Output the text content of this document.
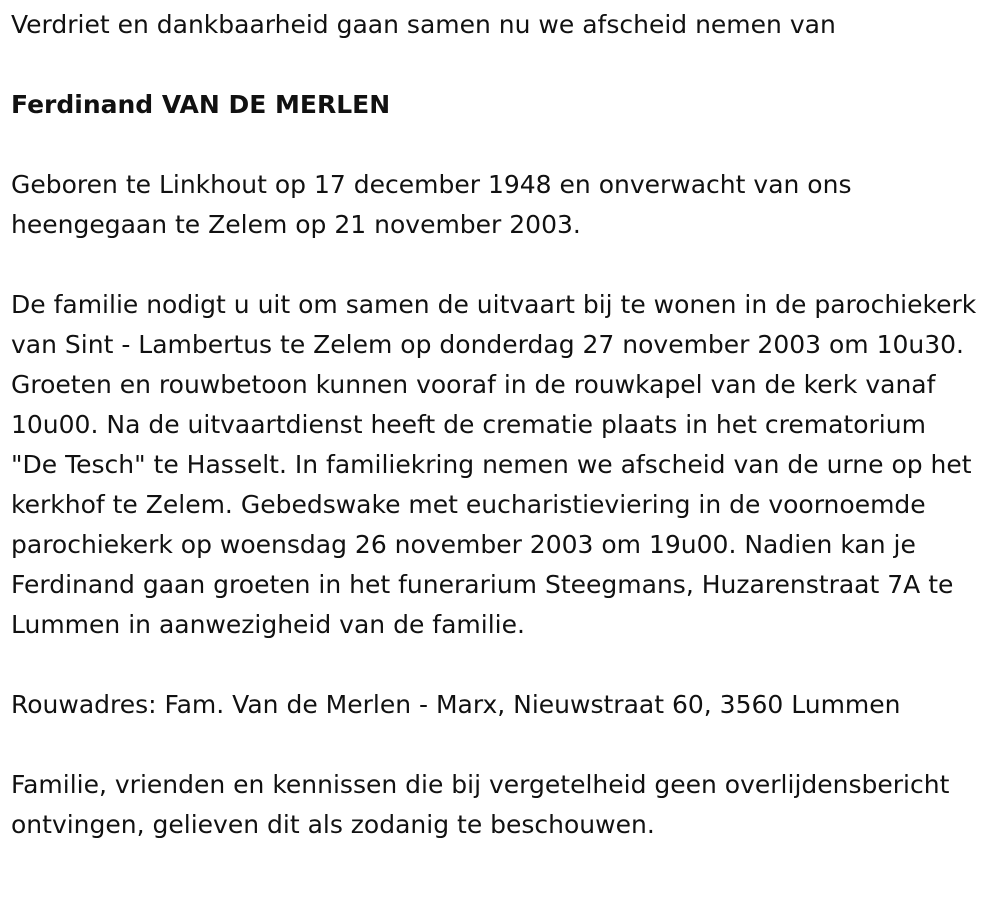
Verdriet en dankbaarheid gaan samen nu we afscheid nemen van

Ferdinand VAN DE MERLEN

Geboren te Linkhout op 17 december 1948 en onverwacht van ons heengegaan te Zelem op 21 november 2003.

De familie nodigt u uit om samen de uitvaart bij te wonen in de parochiekerk van Sint - Lambertus te Zelem op donderdag 27 november 2003 om 10u30. Groeten en rouwbetoon kunnen vooraf in de rouwkapel van de kerk vanaf 10u00. Na de uitvaartdienst heeft de crematie plaats in het crematorium "De Tesch" te Hasselt. In familiekring nemen we afscheid van de urne op het kerkhof te Zelem. Gebedswake met eucharistieviering in de voornoemde parochiekerk op woensdag 26 november 2003 om 19u00. Nadien kan je Ferdinand gaan groeten in het funerarium Steegmans, Huzarenstraat 7A te Lummen in aanwezigheid van de familie.

Rouwadres: Fam. Van de Merlen - Marx, Nieuwstraat 60, 3560 Lummen

Familie, vrienden en kennissen die bij vergetelheid geen overlijdensbericht ontvingen, gelieven dit als zodanig te beschouwen.
